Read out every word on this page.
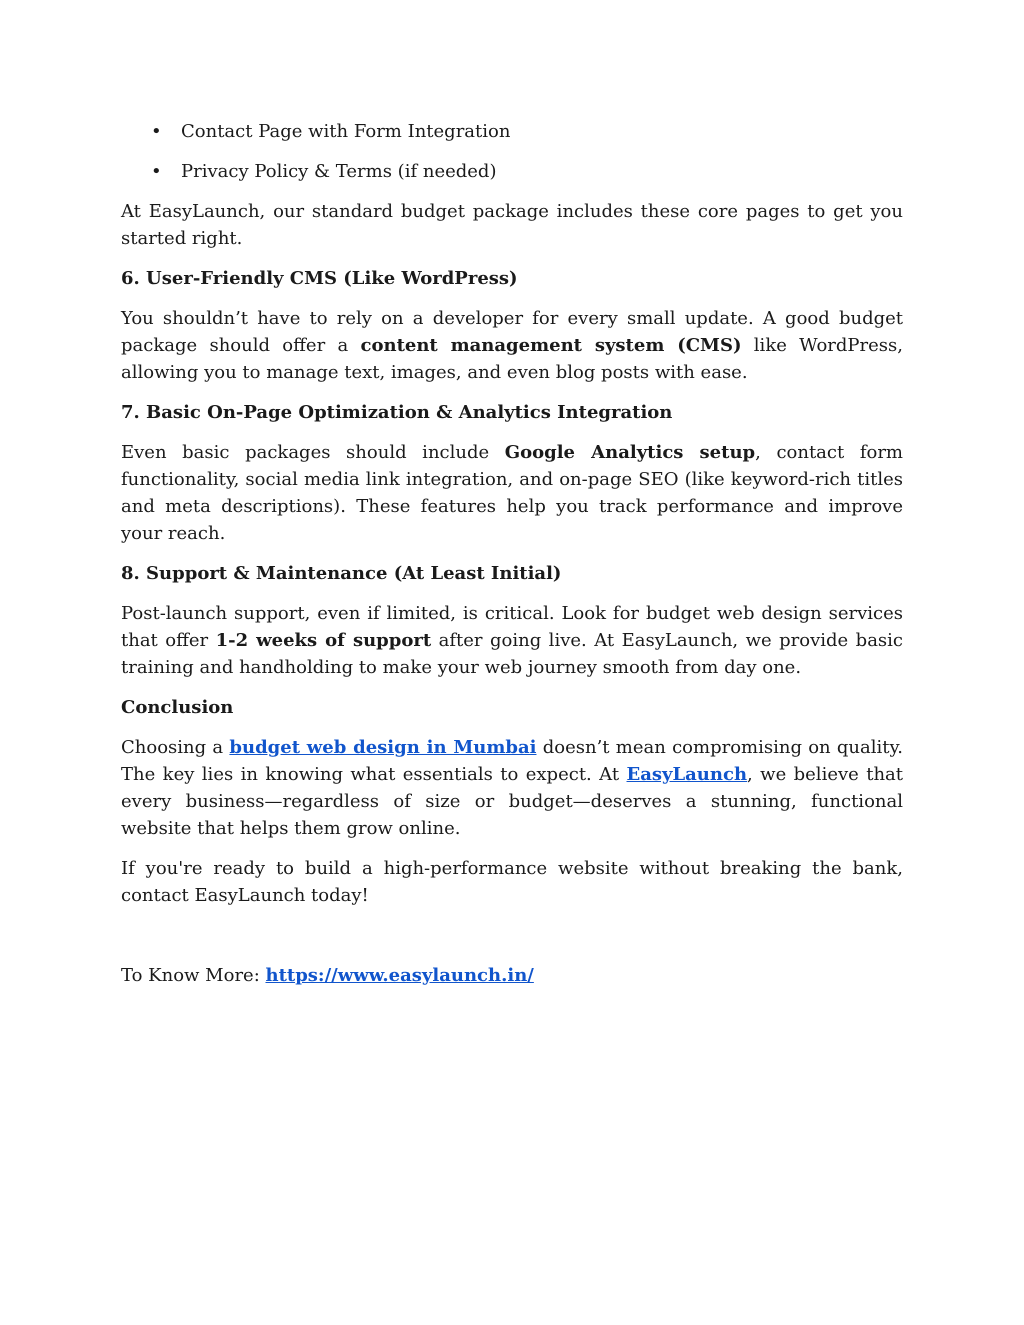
• Contact Page with Form Integration
• Privacy Policy & Terms (if needed)

At EasyLaunch, our standard budget package includes these core pages to get you started right.

6. User-Friendly CMS (Like WordPress)

You shouldn’t have to rely on a developer for every small update. A good budget package should offer a content management system (CMS) like WordPress, allowing you to manage text, images, and even blog posts with ease.

7. Basic On-Page Optimization & Analytics Integration

Even basic packages should include Google Analytics setup, contact form functionality, social media link integration, and on-page SEO (like keyword-rich titles and meta descriptions). These features help you track performance and improve your reach.

8. Support & Maintenance (At Least Initial)

Post-launch support, even if limited, is critical. Look for budget web design services that offer 1-2 weeks of support after going live. At EasyLaunch, we provide basic training and handholding to make your web journey smooth from day one.

Conclusion

Choosing a budget web design in Mumbai doesn’t mean compromising on quality. The key lies in knowing what essentials to expect. At EasyLaunch, we believe that every business—regardless of size or budget—deserves a stunning, functional website that helps them grow online.

If you're ready to build a high-performance website without breaking the bank, contact EasyLaunch today!

To Know More: https://www.easylaunch.in/
